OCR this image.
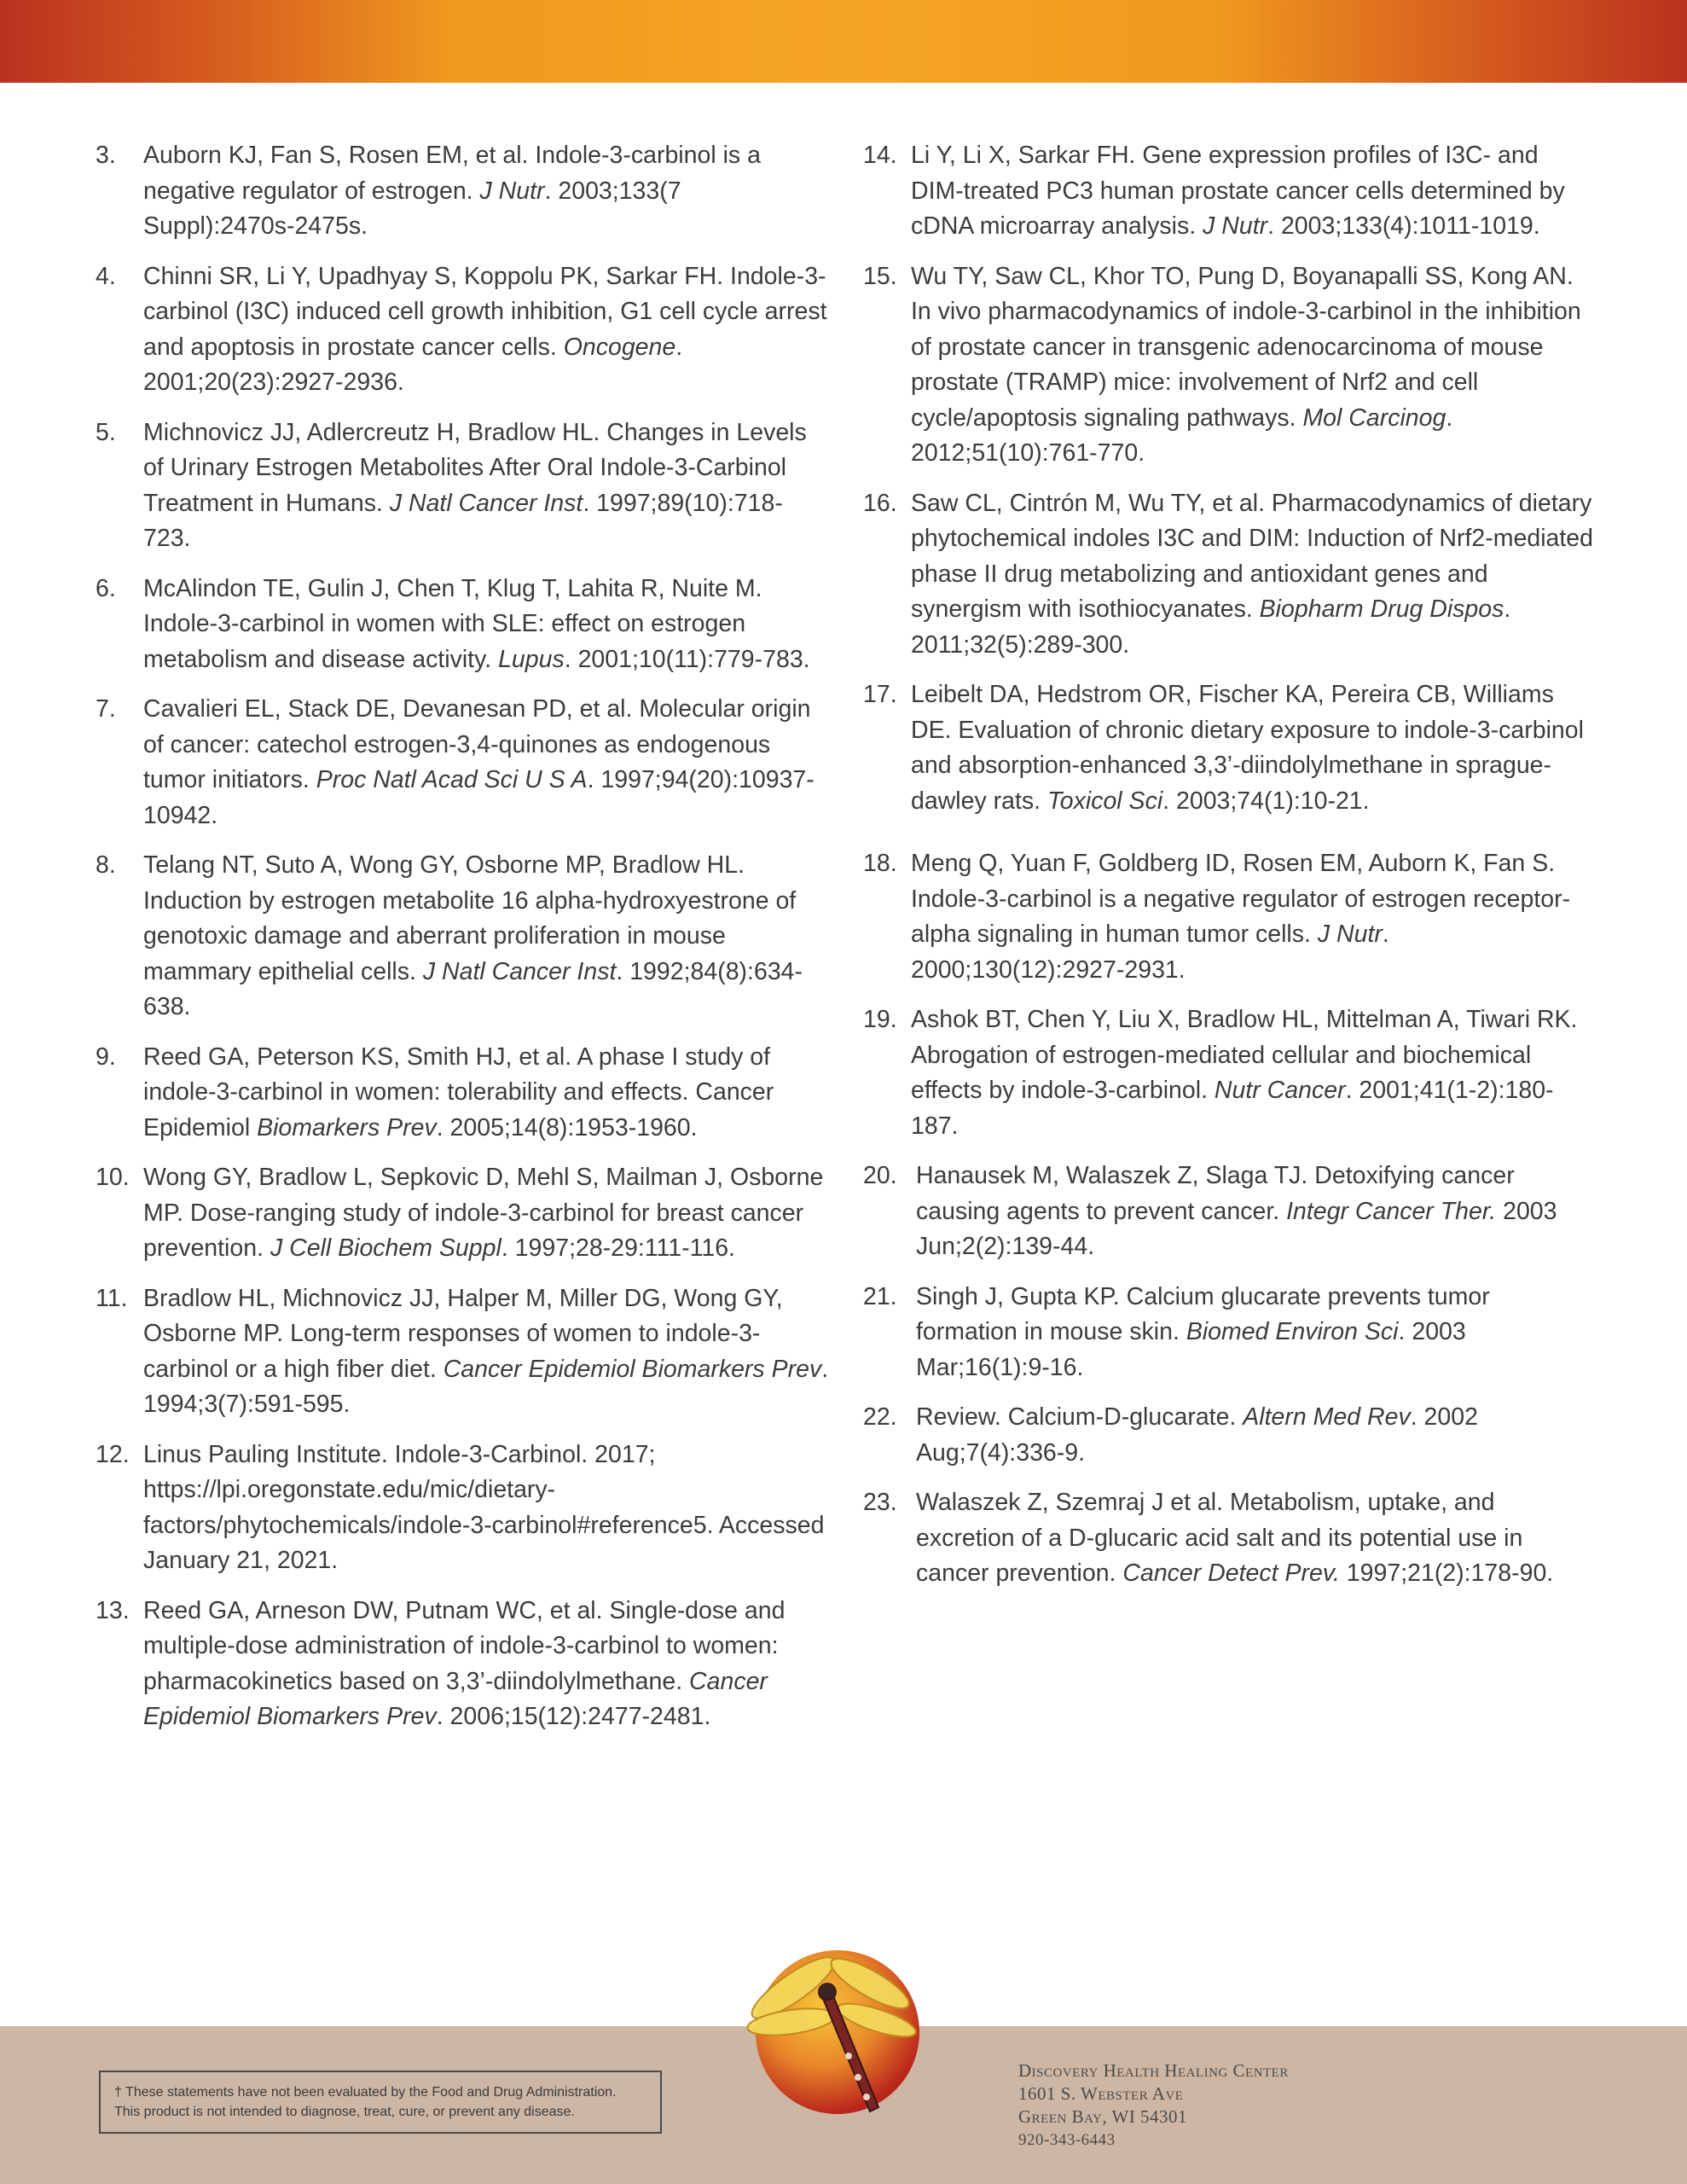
3. Auborn KJ, Fan S, Rosen EM, et al. Indole-3-carbinol is a negative regulator of estrogen. J Nutr. 2003;133(7 Suppl):2470s-2475s.
4. Chinni SR, Li Y, Upadhyay S, Koppolu PK, Sarkar FH. Indole-3-carbinol (I3C) induced cell growth inhibition, G1 cell cycle arrest and apoptosis in prostate cancer cells. Oncogene. 2001;20(23):2927-2936.
5. Michnovicz JJ, Adlercreutz H, Bradlow HL. Changes in Levels of Urinary Estrogen Metabolites After Oral Indole-3-Carbinol Treatment in Humans. J Natl Cancer Inst. 1997;89(10):718-723.
6. McAlindon TE, Gulin J, Chen T, Klug T, Lahita R, Nuite M. Indole-3-carbinol in women with SLE: effect on estrogen metabolism and disease activity. Lupus. 2001;10(11):779-783.
7. Cavalieri EL, Stack DE, Devanesan PD, et al. Molecular origin of cancer: catechol estrogen-3,4-quinones as endogenous tumor initiators. Proc Natl Acad Sci U S A. 1997;94(20):10937-10942.
8. Telang NT, Suto A, Wong GY, Osborne MP, Bradlow HL. Induction by estrogen metabolite 16 alpha-hydroxyestrone of genotoxic damage and aberrant proliferation in mouse mammary epithelial cells. J Natl Cancer Inst. 1992;84(8):634-638.
9. Reed GA, Peterson KS, Smith HJ, et al. A phase I study of indole-3-carbinol in women: tolerability and effects. Cancer Epidemiol Biomarkers Prev. 2005;14(8):1953-1960.
10. Wong GY, Bradlow L, Sepkovic D, Mehl S, Mailman J, Osborne MP. Dose-ranging study of indole-3-carbinol for breast cancer prevention. J Cell Biochem Suppl. 1997;28-29:111-116.
11. Bradlow HL, Michnovicz JJ, Halper M, Miller DG, Wong GY, Osborne MP. Long-term responses of women to indole-3-carbinol or a high fiber diet. Cancer Epidemiol Biomarkers Prev. 1994;3(7):591-595.
12. Linus Pauling Institute. Indole-3-Carbinol. 2017; https://lpi.oregonstate.edu/mic/dietary-factors/phytochemicals/indole-3-carbinol#reference5. Accessed January 21, 2021.
13. Reed GA, Arneson DW, Putnam WC, et al. Single-dose and multiple-dose administration of indole-3-carbinol to women: pharmacokinetics based on 3,3’-diindolylmethane. Cancer Epidemiol Biomarkers Prev. 2006;15(12):2477-2481.
14. Li Y, Li X, Sarkar FH. Gene expression profiles of I3C- and DIM-treated PC3 human prostate cancer cells determined by cDNA microarray analysis. J Nutr. 2003;133(4):1011-1019.
15. Wu TY, Saw CL, Khor TO, Pung D, Boyanapalli SS, Kong AN. In vivo pharmacodynamics of indole-3-carbinol in the inhibition of prostate cancer in transgenic adenocarcinoma of mouse prostate (TRAMP) mice: involvement of Nrf2 and cell cycle/apoptosis signaling pathways. Mol Carcinog. 2012;51(10):761-770.
16. Saw CL, Cintrón M, Wu TY, et al. Pharmacodynamics of dietary phytochemical indoles I3C and DIM: Induction of Nrf2-mediated phase II drug metabolizing and antioxidant genes and synergism with isothiocyanates. Biopharm Drug Dispos. 2011;32(5):289-300.
17. Leibelt DA, Hedstrom OR, Fischer KA, Pereira CB, Williams DE. Evaluation of chronic dietary exposure to indole-3-carbinol and absorption-enhanced 3,3’-diindolylmethane in sprague-dawley rats. Toxicol Sci. 2003;74(1):10-21.
18. Meng Q, Yuan F, Goldberg ID, Rosen EM, Auborn K, Fan S. Indole-3-carbinol is a negative regulator of estrogen receptor-alpha signaling in human tumor cells. J Nutr. 2000;130(12):2927-2931.
19. Ashok BT, Chen Y, Liu X, Bradlow HL, Mittelman A, Tiwari RK. Abrogation of estrogen-mediated cellular and biochemical effects by indole-3-carbinol. Nutr Cancer. 2001;41(1-2):180-187.
20. Hanausek M, Walaszek Z, Slaga TJ. Detoxifying cancer causing agents to prevent cancer. Integr Cancer Ther. 2003 Jun;2(2):139-44.
21. Singh J, Gupta KP. Calcium glucarate prevents tumor formation in mouse skin. Biomed Environ Sci. 2003 Mar;16(1):9-16.
22. Review. Calcium-D-glucarate. Altern Med Rev. 2002 Aug;7(4):336-9.
23. Walaszek Z, Szemraj J et al. Metabolism, uptake, and excretion of a D-glucaric acid salt and its potential use in cancer prevention. Cancer Detect Prev. 1997;21(2):178-90.
† These statements have not been evaluated by the Food and Drug Administration.
This product is not intended to diagnose, treat, cure, or prevent any disease.
Discovery Health Healing Center
1601 S. Webster Ave
Green Bay, WI 54301
920-343-6443
